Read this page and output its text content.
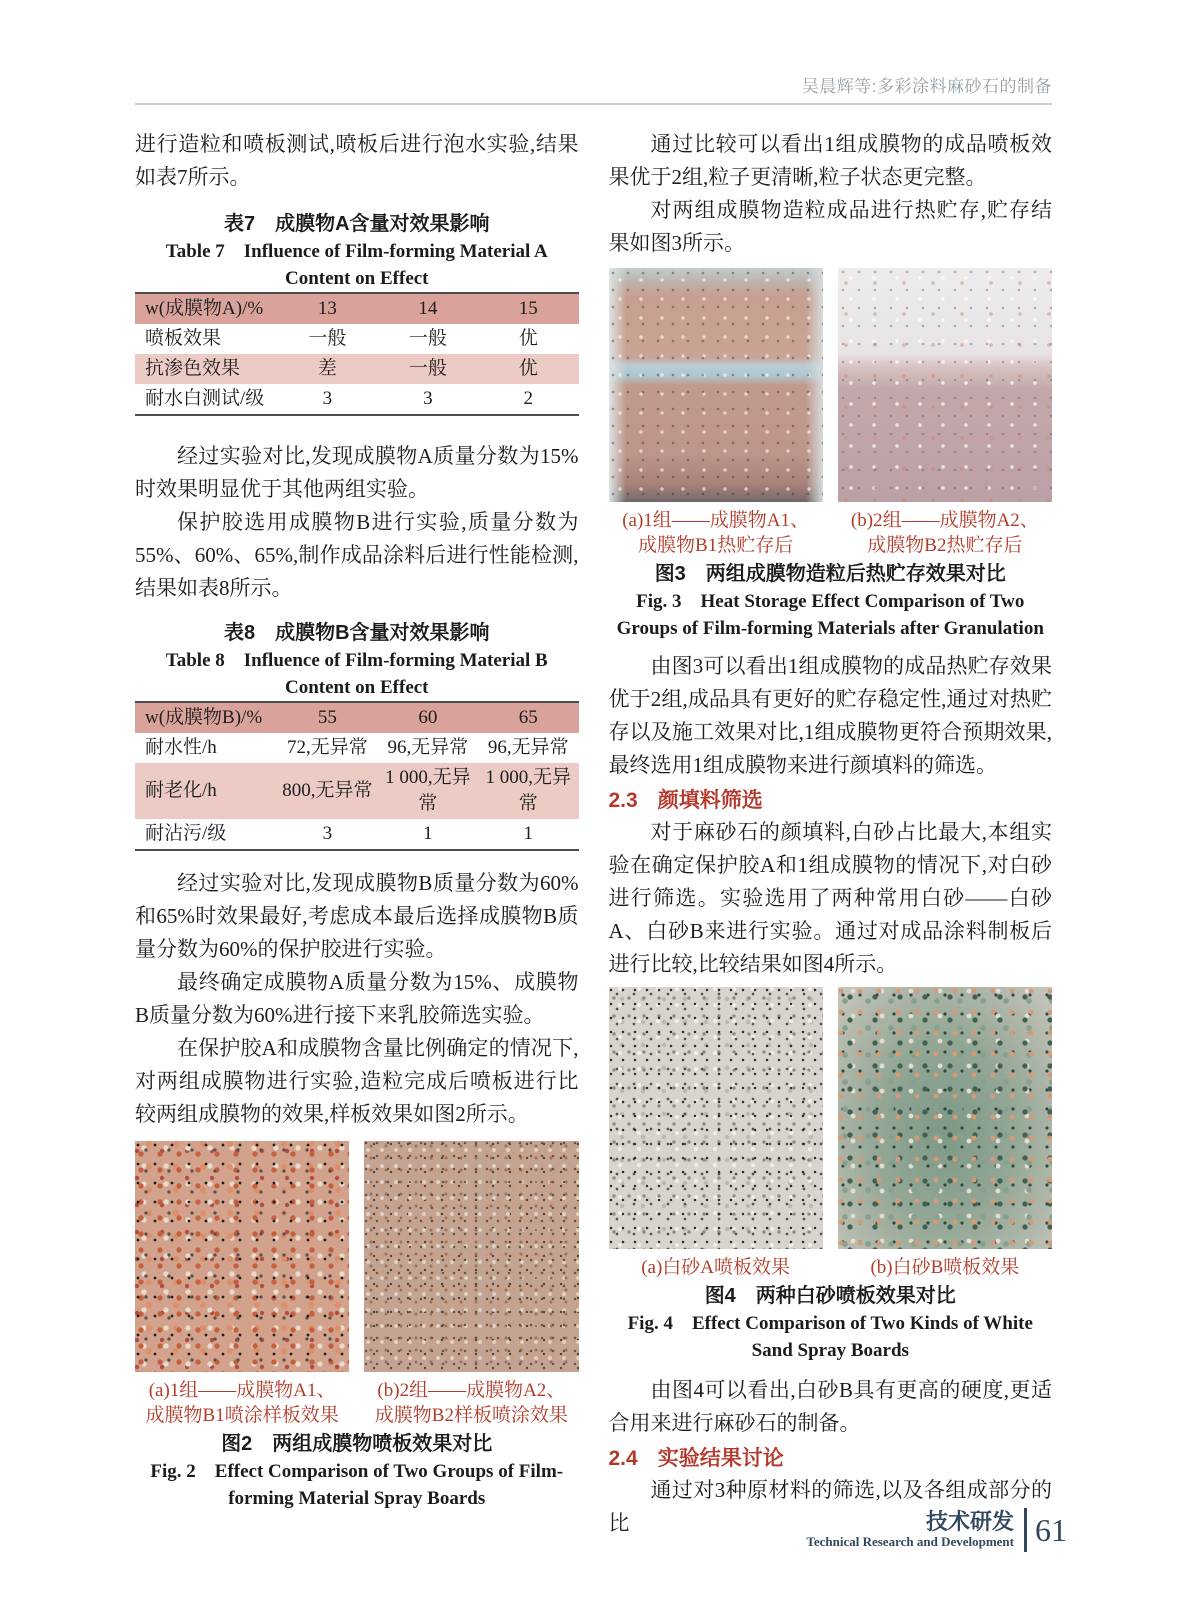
吴晨辉等:多彩涂料麻砂石的制备

进行造粒和喷板测试,喷板后进行泡水实验,结果如表7所示。

表7　成膜物A含量对效果影响
Table 7　Influence of Film-forming Material A Content on Effect
w(成膜物A)/%	13	14	15
喷板效果	一般	一般	优
抗渗色效果	差	一般	优
耐水白测试/级	3	3	2

经过实验对比,发现成膜物A质量分数为15%时效果明显优于其他两组实验。

保护胶选用成膜物B进行实验,质量分数为55%、60%、65%,制作成品涂料后进行性能检测,结果如表8所示。

表8　成膜物B含量对效果影响
Table 8　Influence of Film-forming Material B Content on Effect
w(成膜物B)/%	55	60	65
耐水性/h	72,无异常	96,无异常	96,无异常
耐老化/h	800,无异常	1 000,无异常	1 000,无异常
耐沾污/级	3	1	1

经过实验对比,发现成膜物B质量分数为60%和65%时效果最好,考虑成本最后选择成膜物B质量分数为60%的保护胶进行实验。

最终确定成膜物A质量分数为15%、成膜物B质量分数为60%进行接下来乳胶筛选实验。

在保护胶A和成膜物含量比例确定的情况下,对两组成膜物进行实验,造粒完成后喷板进行比较两组成膜物的效果,样板效果如图2所示。

(a)1组——成膜物A1、
成膜物B1喷涂样板效果
(b)2组——成膜物A2、
成膜物B2样板喷涂效果
图2　两组成膜物喷板效果对比
Fig. 2　Effect Comparison of Two Groups of Film-forming Material Spray Boards

通过比较可以看出1组成膜物的成品喷板效果优于2组,粒子更清晰,粒子状态更完整。

对两组成膜物造粒成品进行热贮存,贮存结果如图3所示。

(a)1组——成膜物A1、
成膜物B1热贮存后
(b)2组——成膜物A2、
成膜物B2热贮存后
图3　两组成膜物造粒后热贮存效果对比
Fig. 3　Heat Storage Effect Comparison of Two Groups of Film-forming Materials after Granulation

由图3可以看出1组成膜物的成品热贮存效果优于2组,成品具有更好的贮存稳定性,通过对热贮存以及施工效果对比,1组成膜物更符合预期效果,最终选用1组成膜物来进行颜填料的筛选。

2.3 颜填料筛选

对于麻砂石的颜填料,白砂占比最大,本组实验在确定保护胶A和1组成膜物的情况下,对白砂进行筛选。实验选用了两种常用白砂——白砂A、白砂B来进行实验。通过对成品涂料制板后进行比较,比较结果如图4所示。

(a)白砂A喷板效果	(b)白砂B喷板效果
图4　两种白砂喷板效果对比
Fig. 4　Effect Comparison of Two Kinds of White Sand Spray Boards

由图4可以看出,白砂B具有更高的硬度,更适合用来进行麻砂石的制备。

2.4 实验结果讨论

通过对3种原材料的筛选,以及各组成部分的比	技术研发
Technical Research and Development 61
